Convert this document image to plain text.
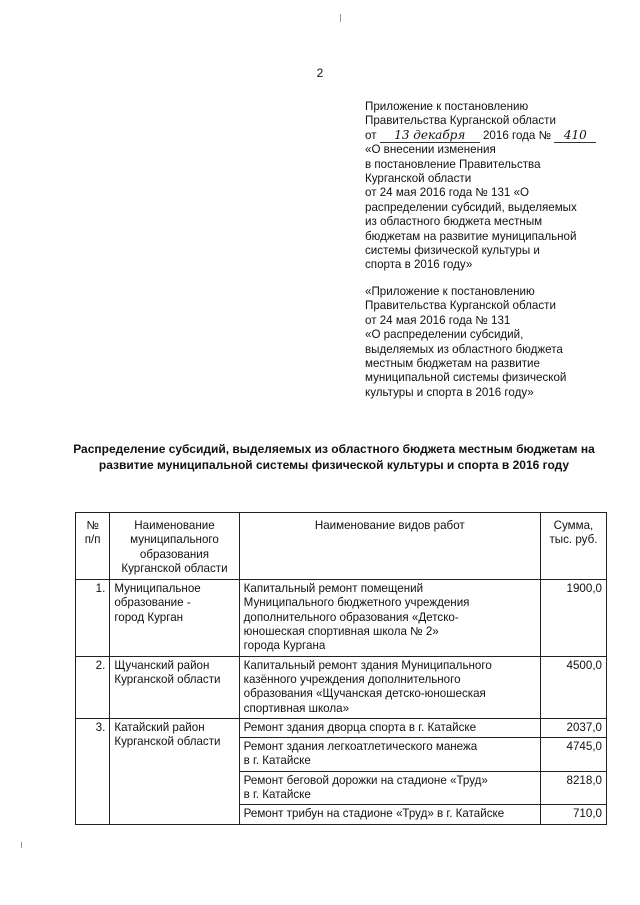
2
Приложение к постановлению
Правительства Курганской области
от 13 декабря 2016 года № 410
«О внесении изменения
в постановление Правительства
Курганской области
от 24 мая 2016 года № 131 «О
распределении субсидий, выделяемых
из областного бюджета местным
бюджетам на развитие муниципальной
системы физической культуры и
спорта в 2016 году»
«Приложение к постановлению
Правительства Курганской области
от 24 мая 2016 года № 131
«О распределении субсидий,
выделяемых из областного бюджета
местным бюджетам на развитие
муниципальной системы физической
культуры и спорта в 2016 году»
Распределение субсидий, выделяемых из областного бюджета местным бюджетам на развитие муниципальной системы физической культуры и спорта в 2016 году
№
п/п	Наименование
муниципального
образования
Курганской области	Наименование видов работ	Сумма,
тыс. руб.
1.	Муниципальное
образование -
город Курган	Капитальный ремонт помещений
Муниципального бюджетного учреждения
дополнительного образования «Детско-
юношеская спортивная школа № 2»
города Кургана	1900,0
2.	Щучанский район
Курганской области	Капитальный ремонт здания Муниципального
казённого учреждения дополнительного
образования «Щучанская детско-юношеская
спортивная школа»	4500,0
3.	Катайский район
Курганской области	Ремонт здания дворца спорта в г. Катайске	2037,0
		Ремонт здания легкоатлетического манежа
в г. Катайске	4745,0
		Ремонт беговой дорожки на стадионе «Труд»
в г. Катайске	8218,0
		Ремонт трибун на стадионе «Труд» в г. Катайске	710,0
